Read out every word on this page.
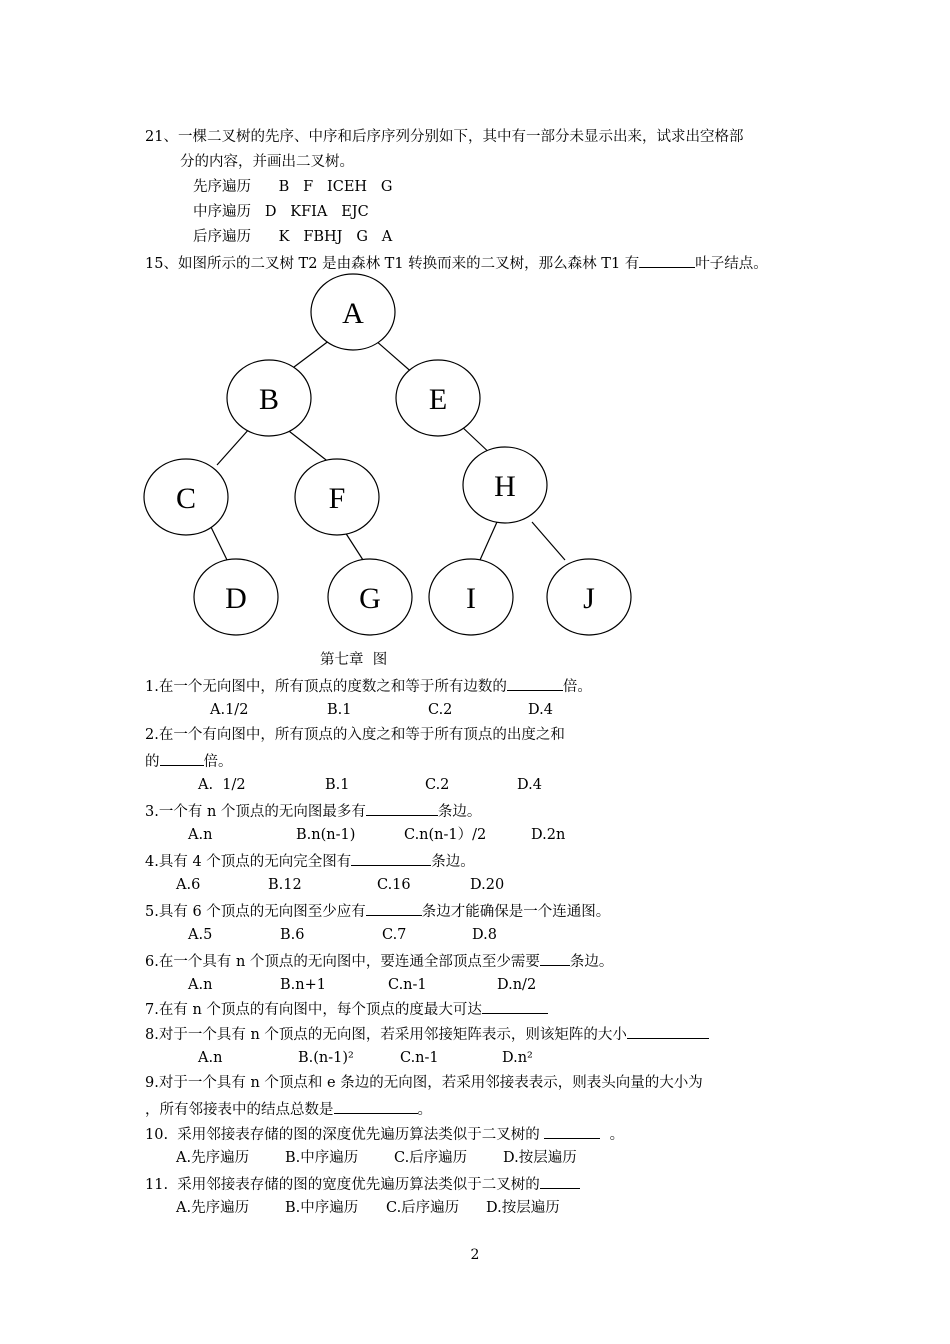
21、一棵二叉树的先序、中序和后序序列分别如下，其中有一部分未显示出来，试求出空格部
分的内容，并画出二叉树。
先序遍历      B   F   ICEH   G
中序遍历   D   KFIA   EJC
后序遍历      K   FBHJ   G   A
15、如图所示的二叉树 T2 是由森林 T1 转换而来的二叉树，那么森林 T1 有	叶子结点。
A
B	E
C	F	H
D	G	I	J
第七章  图
1.在一个无向图中，所有顶点的度数之和等于所有边数的	倍。
A.1/2	B.1	C.2	D.4
2.在一个有向图中，所有顶点的入度之和等于所有顶点的出度之和
的	倍。
A.  1/2	B.1	C.2	D.4
3.一个有 n 个顶点的无向图最多有	条边。
A.n	B.n(n-1)	C.n(n-1）/2	D.2n
4.具有 4 个顶点的无向完全图有	条边。
A.6	B.12	C.16	D.20
5.具有 6 个顶点的无向图至少应有	条边才能确保是一个连通图。
A.5	B.6	C.7	D.8
6.在一个具有 n 个顶点的无向图中，要连通全部顶点至少需要 条边。
A.n	B.n+1	C.n-1	D.n/2
7.在有 n 个顶点的有向图中，每个顶点的度最大可达
8.对于一个具有 n 个顶点的无向图，若采用邻接矩阵表示，则该矩阵的大小
A.n	B.(n-1)²	C.n-1	D.n²
9.对于一个具有 n 个顶点和 e 条边的无向图，若采用邻接表表示，则表头向量的大小为
，所有邻接表中的结点总数是	。
10.  采用邻接表存储的图的深度优先遍历算法类似于二叉树的	。
A.先序遍历 B.中序遍历 C.后序遍历 D.按层遍历
11.  采用邻接表存储的图的宽度优先遍历算法类似于二叉树的
A.先序遍历 B.中序遍历 C.后序遍历 D.按层遍历
2
